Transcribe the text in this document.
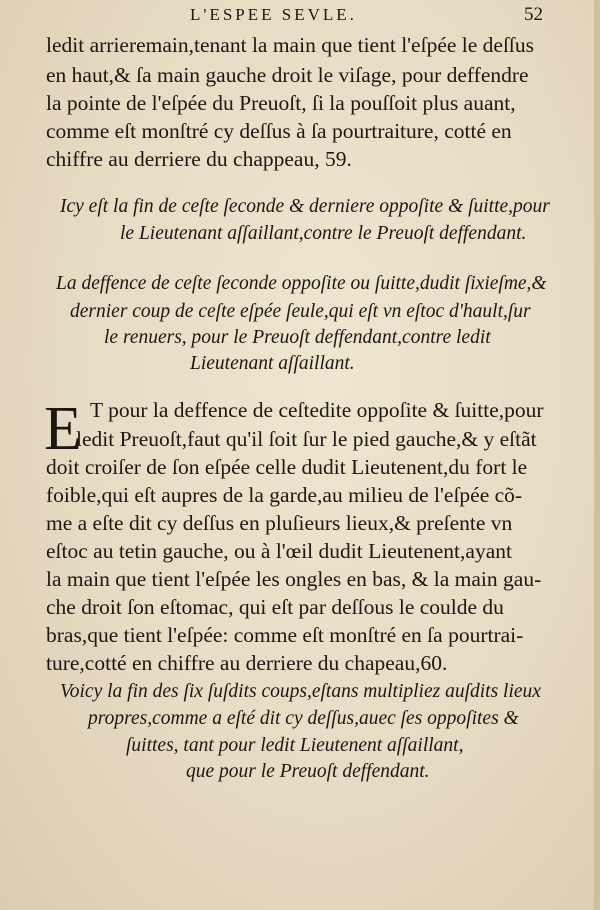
L'ESPEE SEVLE.	52
ledit arrieremain,tenant la main que tient l'eſpée le deſſus
en haut,& ſa main gauche droit le viſage, pour deffendre
la pointe de l'eſpée du Preuoſt, ſi la pouſſoit plus auant,
comme eſt monſtré cy deſſus à ſa pourtraiture, cotté en
chiffre au derriere du chappeau, 59.
Icy eſt la fin de ceſte ſeconde & derniere oppoſite & ſuitte,pour
le Lieutenant aſſaillant,contre le Preuoſt deffendant.
La deffence de ceſte ſeconde oppoſite ou ſuitte,dudit ſixieſme,&
dernier coup de ceſte eſpée ſeule,qui eſt vn eſtoc d'hault,ſur
le renuers, pour le Preuoſt deffendant,contre ledit
Lieutenant aſſaillant.
E T pour la deffence de ceſtedite oppoſite & ſuitte,pour
ledit Preuoſt,faut qu'il ſoit ſur le pied gauche,& y eſtãt
doit croiſer de ſon eſpée celle dudit Lieutenent,du fort le
foible,qui eſt aupres de la garde,au milieu de l'eſpée cõ-
me a eſte dit cy deſſus en pluſieurs lieux,& preſente vn
eſtoc au tetin gauche, ou à l'œil dudit Lieutenent,ayant
la main que tient l'eſpée les ongles en bas, & la main gau-
che droit ſon eſtomac, qui eſt par deſſous le coulde du
bras,que tient l'eſpée: comme eſt monſtré en ſa pourtrai-
ture,cotté en chiffre au derriere du chapeau,60.
Voicy la fin des ſix ſuſdits coups,eſtans multipliez auſdits lieux
propres,comme a eſté dit cy deſſus,auec ſes oppoſites &
ſuittes, tant pour ledit Lieutenent aſſaillant,
que pour le Preuoſt deffendant.
